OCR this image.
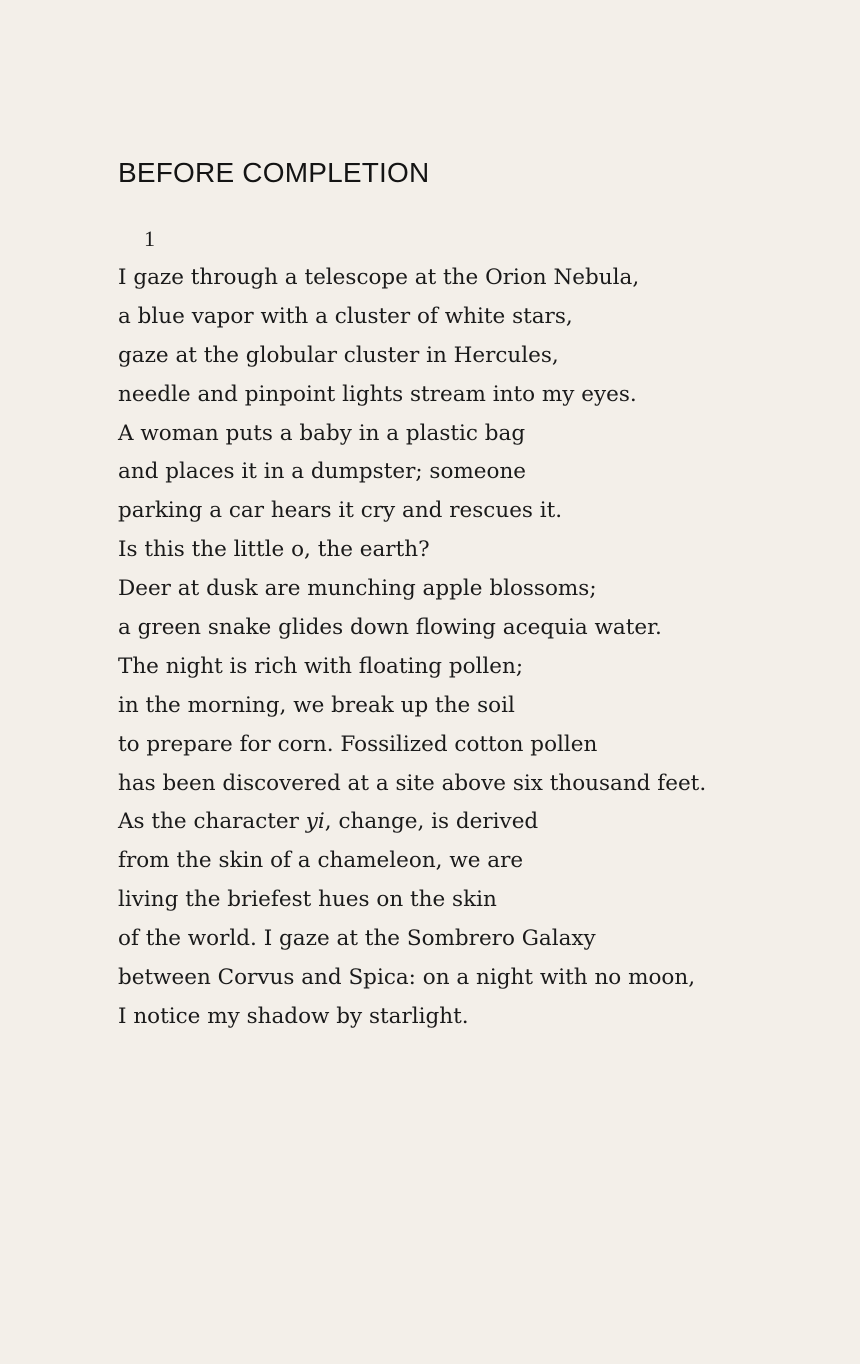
BEFORE COMPLETION
1
I gaze through a telescope at the Orion Nebula,
a blue vapor with a cluster of white stars,
gaze at the globular cluster in Hercules,
needle and pinpoint lights stream into my eyes.
A woman puts a baby in a plastic bag
and places it in a dumpster; someone
parking a car hears it cry and rescues it.
Is this the little o, the earth?
Deer at dusk are munching apple blossoms;
a green snake glides down flowing acequia water.
The night is rich with floating pollen;
in the morning, we break up the soil
to prepare for corn. Fossilized cotton pollen
has been discovered at a site above six thousand feet.
As the character yi, change, is derived
from the skin of a chameleon, we are
living the briefest hues on the skin
of the world. I gaze at the Sombrero Galaxy
between Corvus and Spica: on a night with no moon,
I notice my shadow by starlight.
